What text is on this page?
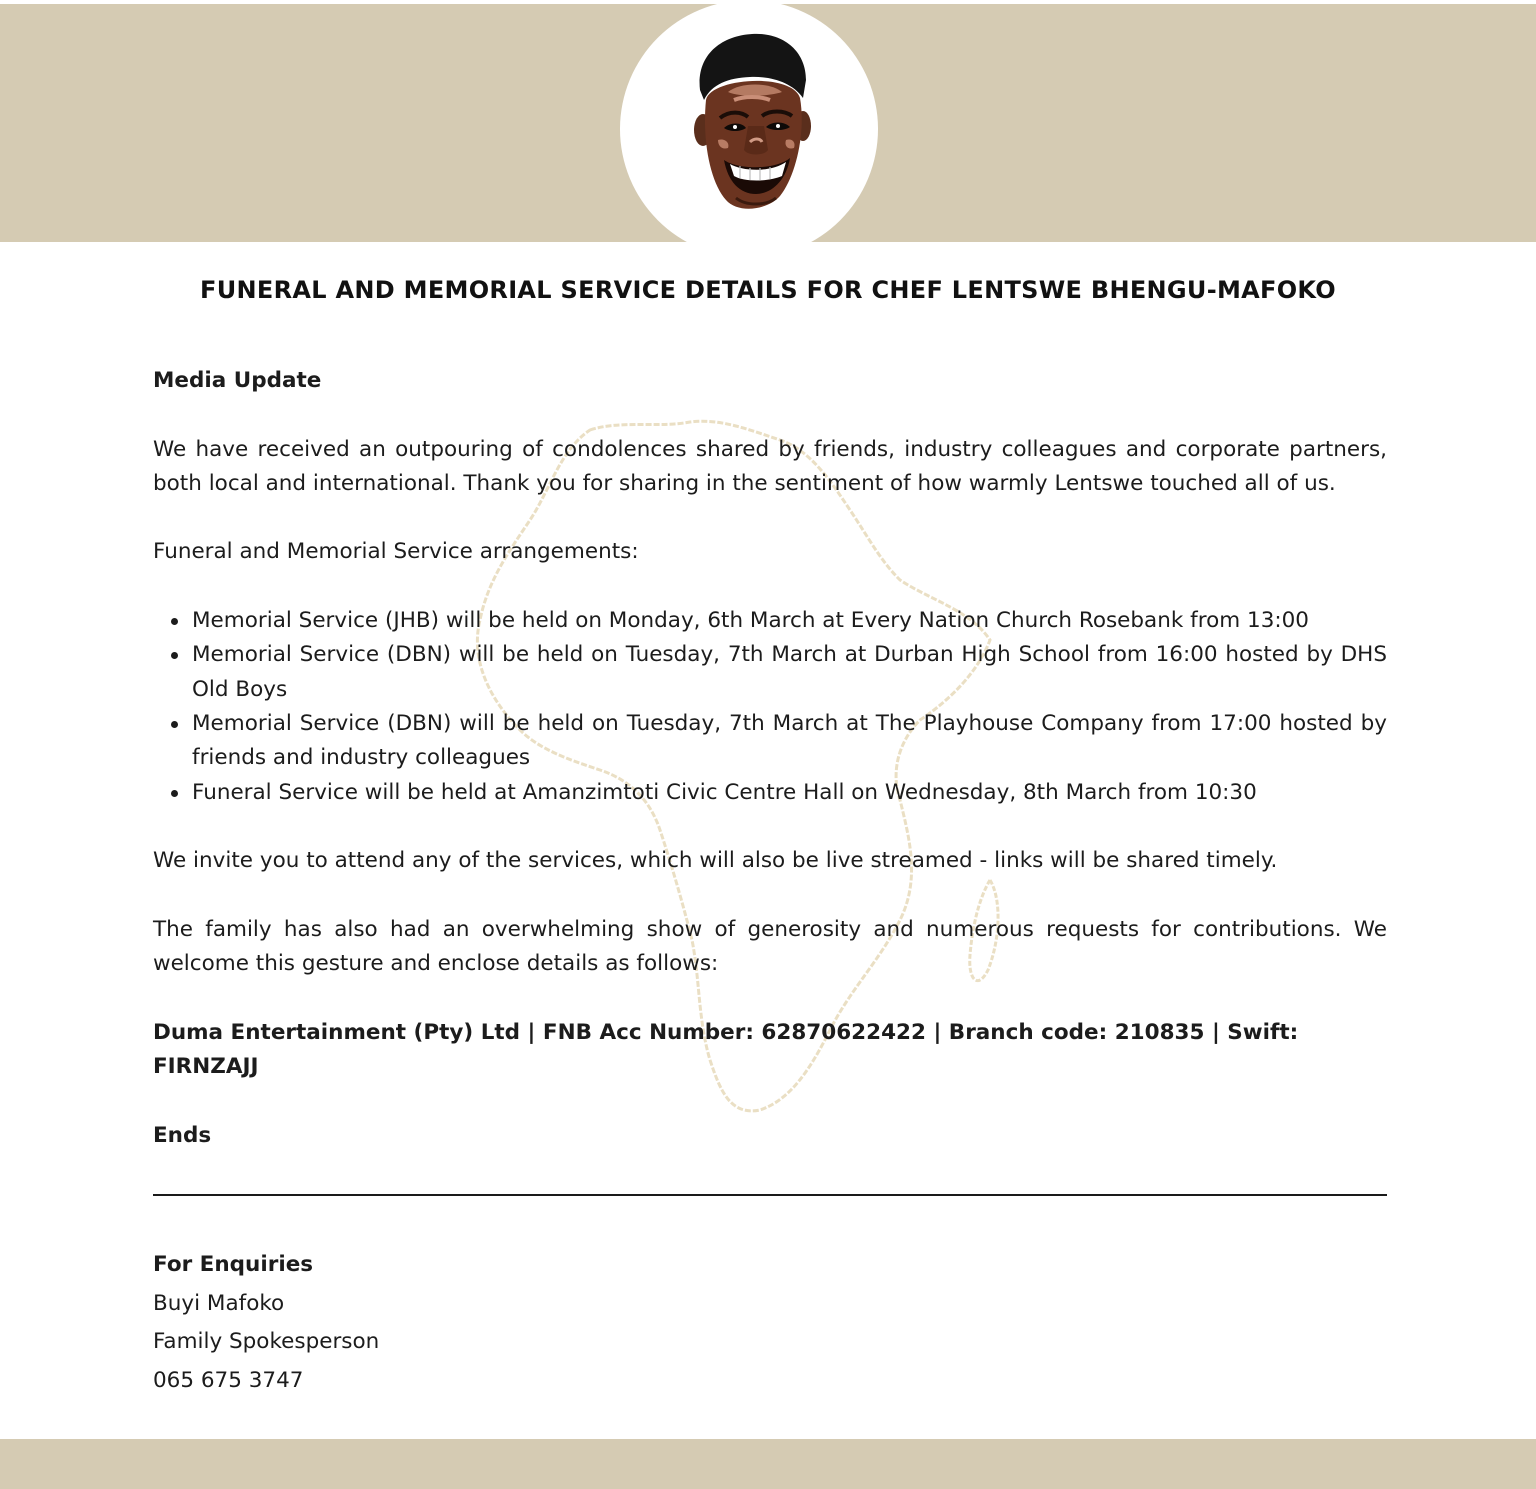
FUNERAL AND MEMORIAL SERVICE DETAILS FOR CHEF LENTSWE BHENGU-MAFOKO

Media Update

We have received an outpouring of condolences shared by friends, industry colleagues and corporate partners, both local and international. Thank you for sharing in the sentiment of how warmly Lentswe touched all of us.

Funeral and Memorial Service arrangements:

Memorial Service (JHB) will be held on Monday, 6th March at Every Nation Church Rosebank from 13:00
Memorial Service (DBN) will be held on Tuesday, 7th March at Durban High School from 16:00 hosted by DHS Old Boys
Memorial Service (DBN) will be held on Tuesday, 7th March at The Playhouse Company from 17:00 hosted by friends and industry colleagues
Funeral Service will be held at Amanzimtoti Civic Centre Hall on Wednesday, 8th March from 10:30

We invite you to attend any of the services, which will also be live streamed - links will be shared timely.

The family has also had an overwhelming show of generosity and numerous requests for contributions. We welcome this gesture and enclose details as follows:

Duma Entertainment (Pty) Ltd | FNB Acc Number: 62870622422 | Branch code: 210835 | Swift: FIRNZAJJ

Ends

For Enquiries

Buyi Mafoko

Family Spokesperson

065 675 3747
